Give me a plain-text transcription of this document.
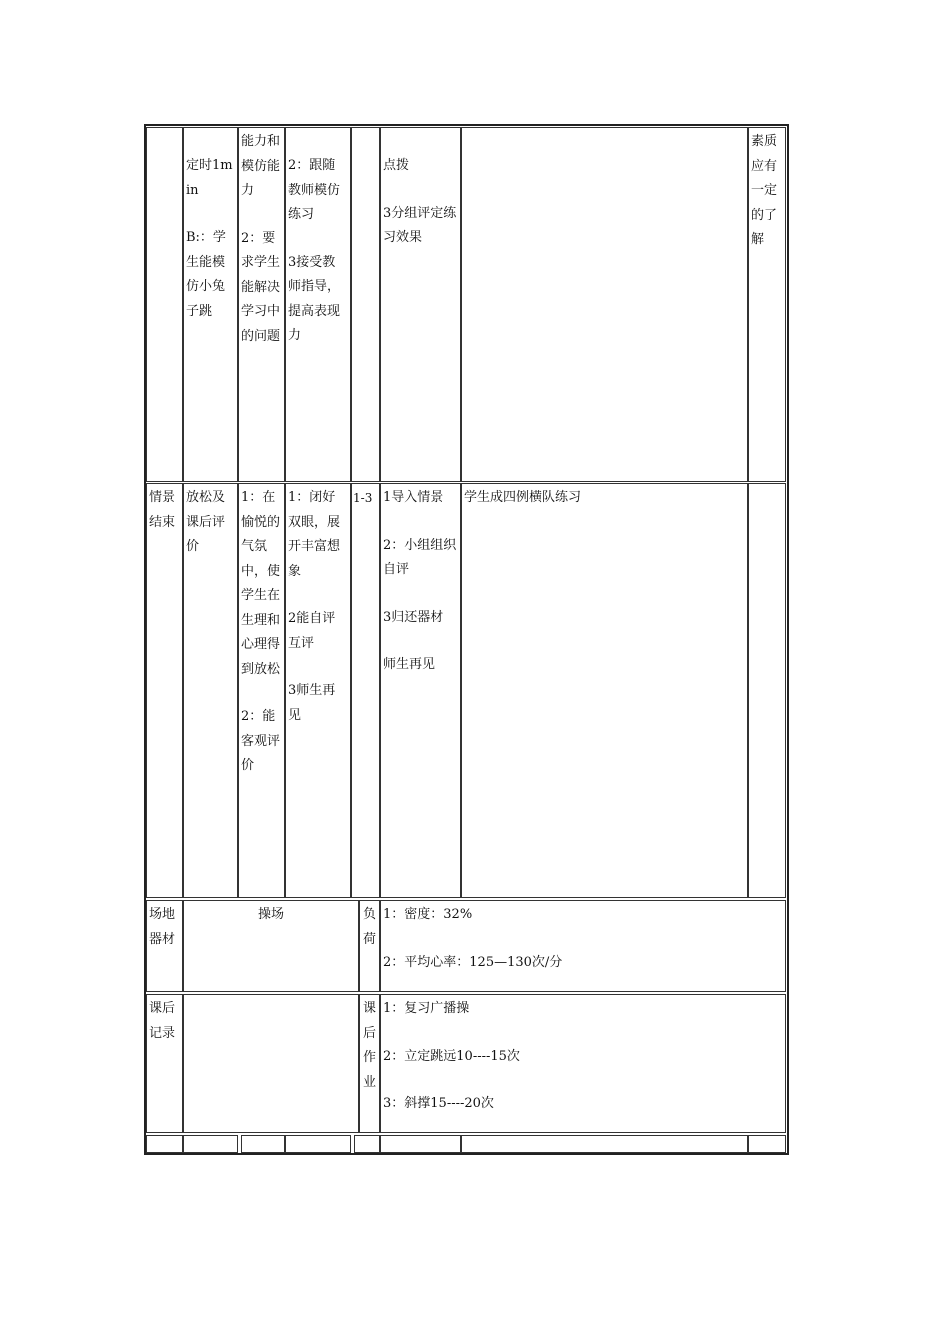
定时1min
B:：学生能模仿小兔子跳
能力和模仿能力
2：要求学生能解决学习中的问题
2：跟随教师模仿练习
3接受教师指导，提高表现力
点拨
3分组评定练习效果
素质应有一定的了解
情景结束
放松及课后评价
1：在愉悦的气氛中，使学生在生理和心理得到放松
2：能客观评价
1：闭好双眼，展开丰富想象
2能自评互评
3师生再见
1-3 1导入情景
2：小组组织自评
3归还器材
师生再见
学生成四例横队练习
场地器材
操场	负荷
1：密度：32%
2：平均心率：125—130次/分
课后记录
课后作业
1：复习广播操
2：立定跳远10----15次
3：斜撑15----20次
